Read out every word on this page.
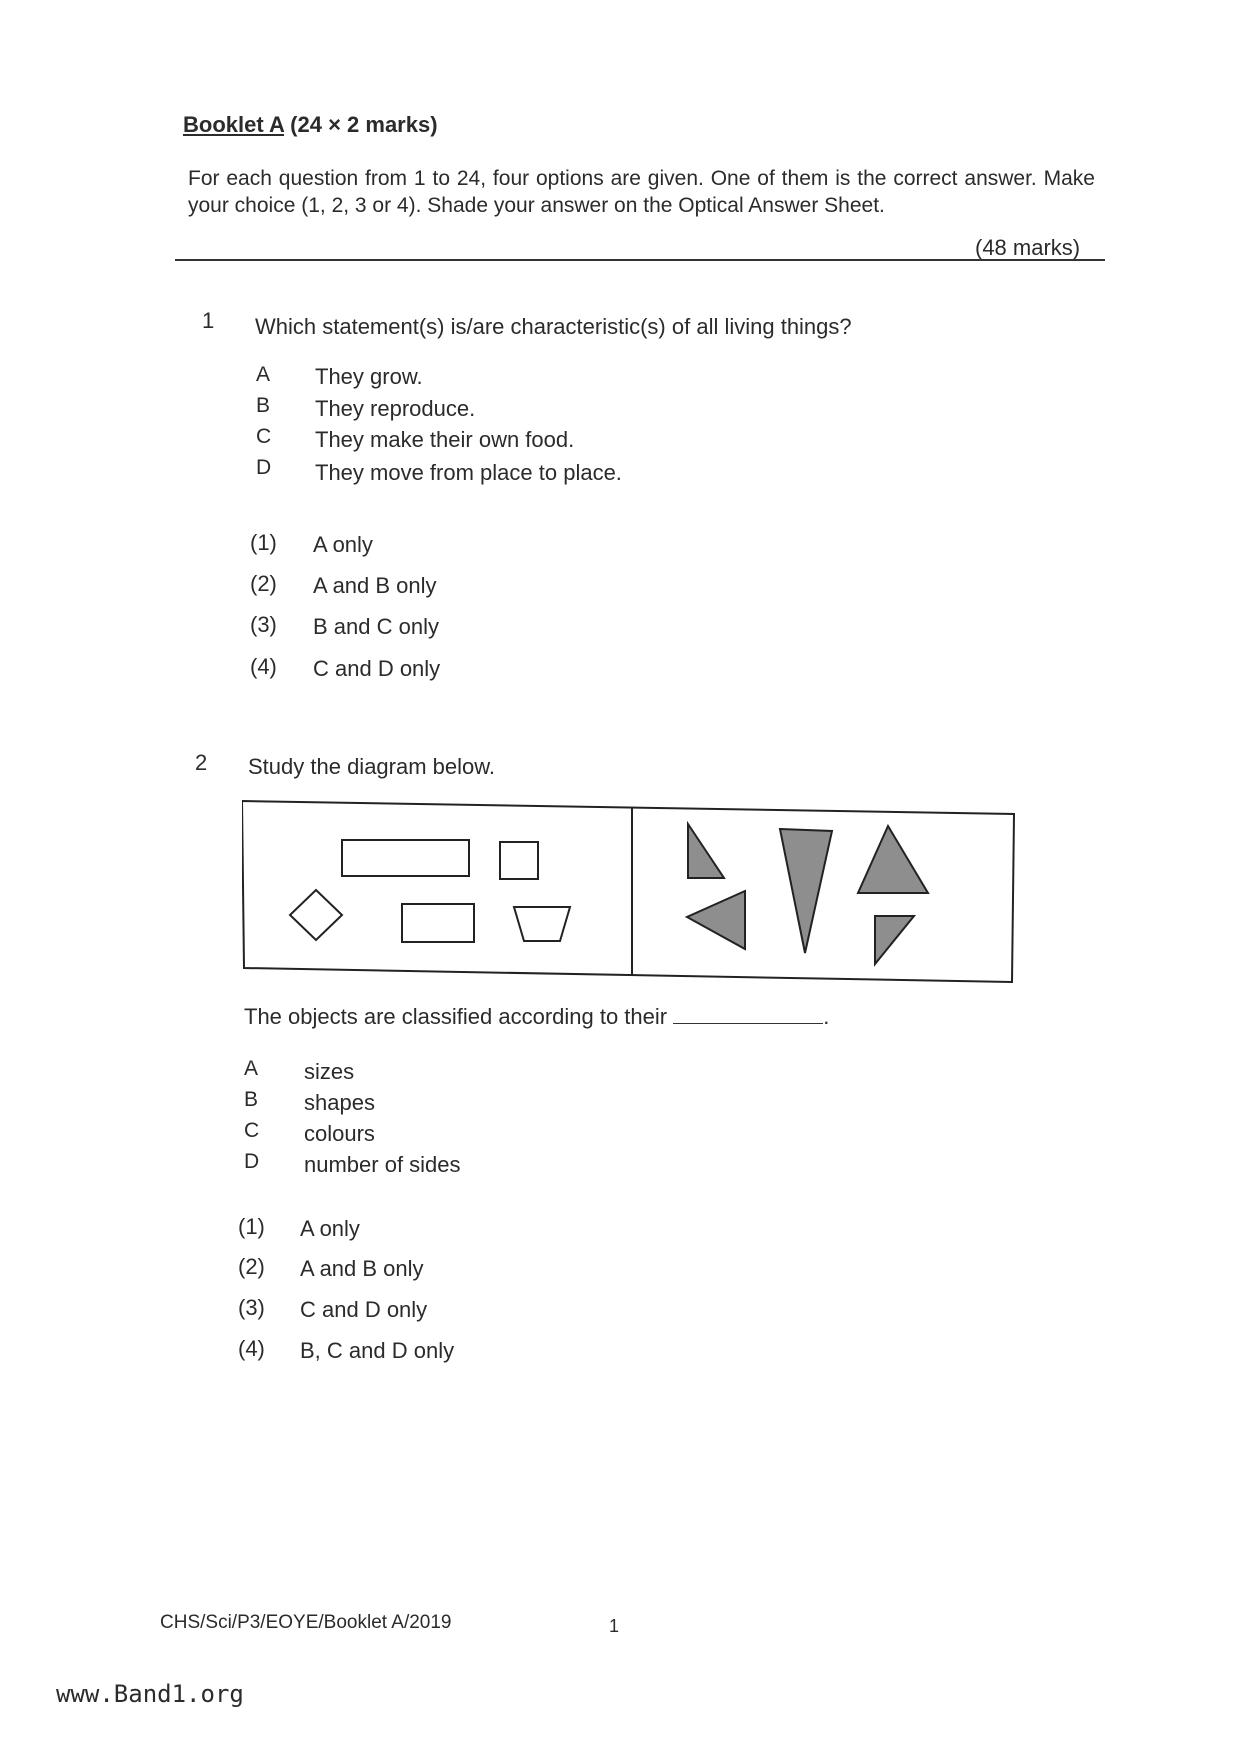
Booklet A (24 × 2 marks)
For each question from 1 to 24, four options are given. One of them is the correct answer. Make your choice (1, 2, 3 or 4). Shade your answer on the Optical Answer Sheet.
(48 marks)
1 Which statement(s) is/are characteristic(s) of all living things?
A	They grow.
B	They reproduce.
C	They make their own food.
D	They move from place to place.
(1) A only
(2) A and B only
(3) B and C only
(4) C and D only
2 Study the diagram below.
The objects are classified according to their	.
A	sizes
B	shapes
C	colours
D	number of sides
(1) A only
(2) A and B only
(3) C and D only
(4) B, C and D only
CHS/Sci/P3/EOYE/Booklet A/2019	1
www.Band1.org
